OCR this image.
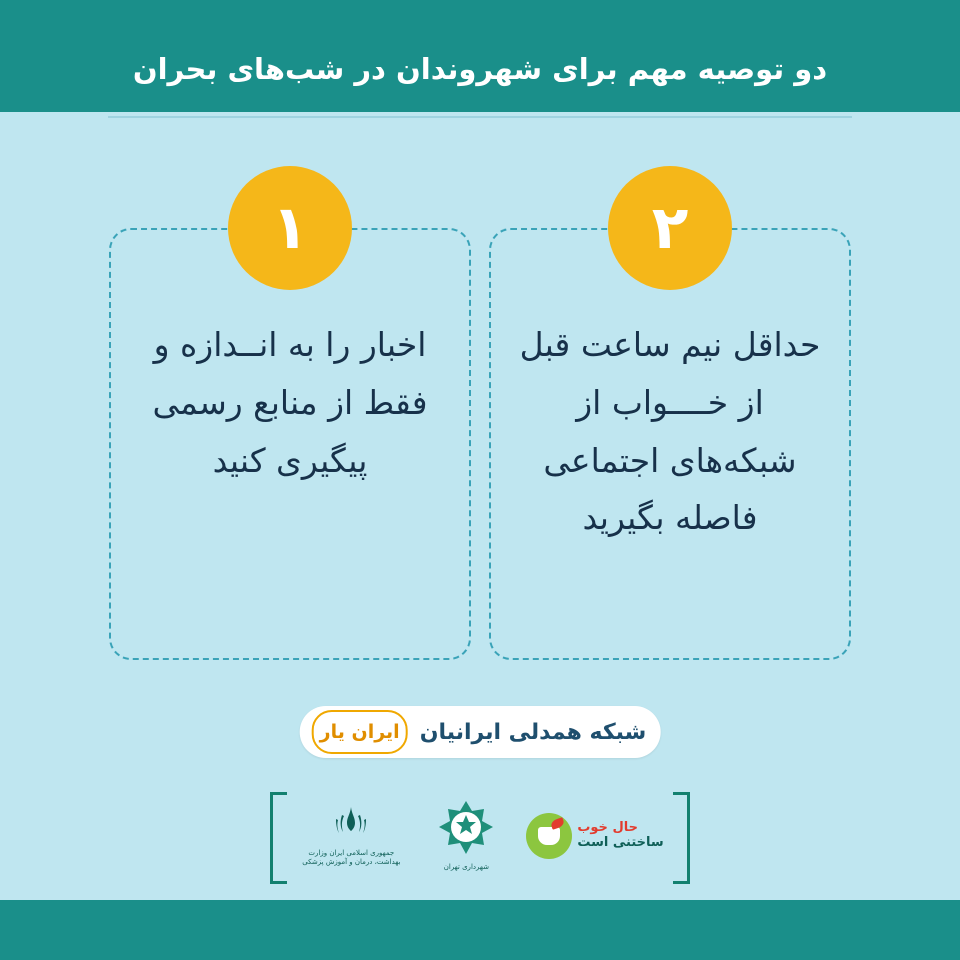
دو توصیه مهم برای شهروندان در شب‌های بحران
۲
حداقل نیم ساعت قبل از خــــواب از شبکه‌های اجتماعی فاصله بگیرید
۱
اخبار را به انــدازه و فقط از منابع رسمی پیگیری کنید
ایران یار شبکه همدلی ایرانیان
جمهوری اسلامی ایران وزارت بهداشت، درمان و آموزش پزشکی
شهرداری تهران
حال خوب
ساختنی است
